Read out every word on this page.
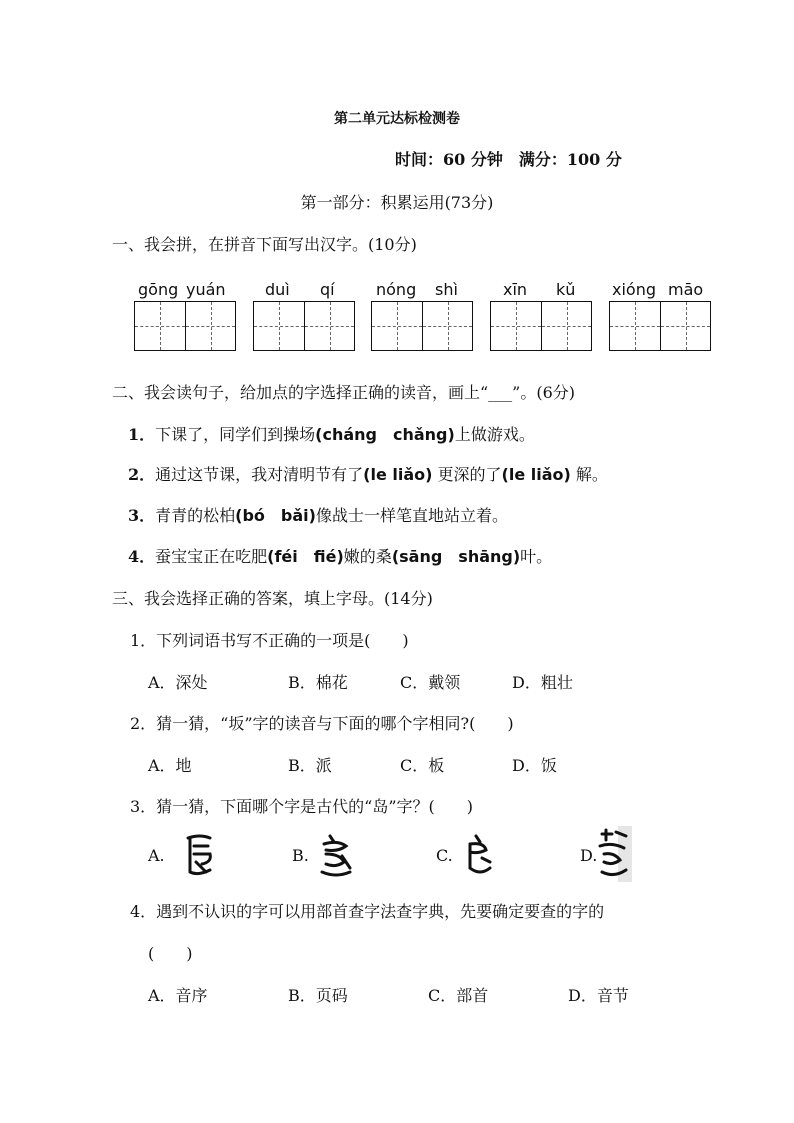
第二单元达标检测卷
时间：60 分钟　 满分：100 分
第一部分：积累运用(73分)
一、我会拼，在拼音下面写出汉字。(10分)
gōng yuán duì qí	nóng shì	xīn kǔ xióng māo
二、我会读句子，给加点的字选择正确的读音，画上“___”。(6分)
1．下课了，同学们到操场(cháng　chǎng)上做游戏。
2．通过这节课，我对清明节有了(le liǎo) 更深的了(le liǎo) 解。
3．青青的松柏(bó　bǎi)像战士一样笔直地站立着。
4．蚕宝宝正在吃肥(féi　fié)嫩的桑(sāng　shāng)叶。
三、我会选择正确的答案，填上字母。(14分)
1．下列词语书写不正确的一项是(　　)
A．深处	B．棉花	C．戴领	D．粗壮
2．猜一猜，“坂”字的读音与下面的哪个字相同?(　　)
A．地	B．派	C．板	D．饭
3．猜一猜，下面哪个字是古代的“岛”字？(　　)
A.	B.	C.	D.
4．遇到不认识的字可以用部首查字法查字典，先要确定要查的字的
(　　)
A．音序	B．页码	C．部首	D．音节
